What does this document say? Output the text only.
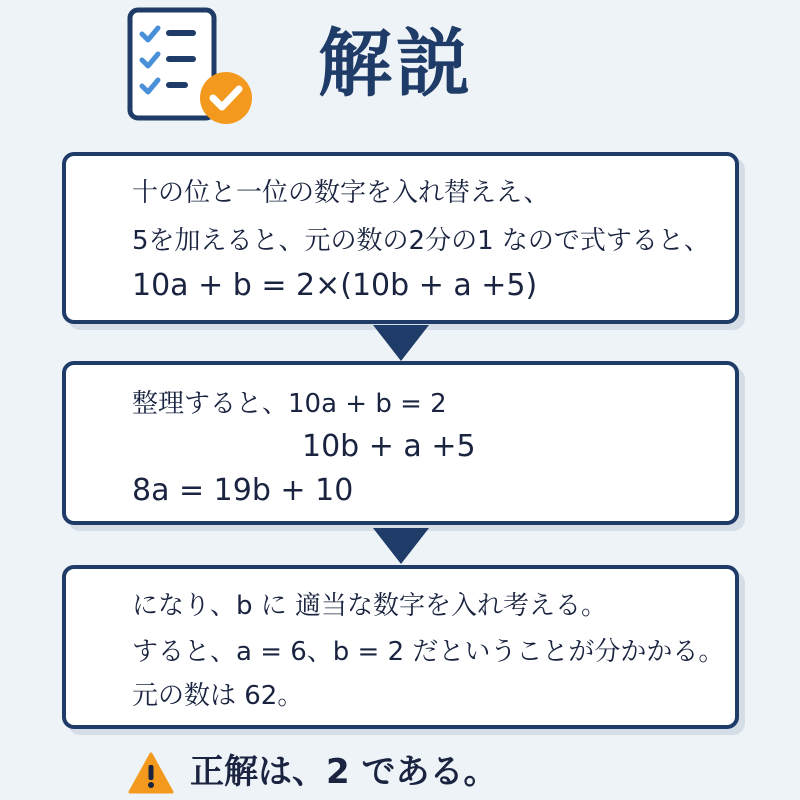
解説
十の位と一位の数字を入れ替ええ、
5を加えると、元の数の2分の1 なので式すると、
10a + b = 2×(10b + a +5)
整理すると、10a + b = 2
10b + a +5
8a = 19b + 10
になり、b に 適当な数字を入れ考える。
すると、a = 6、b = 2 だということが分かかる。
元の数は 62。
正解は、2 である。
